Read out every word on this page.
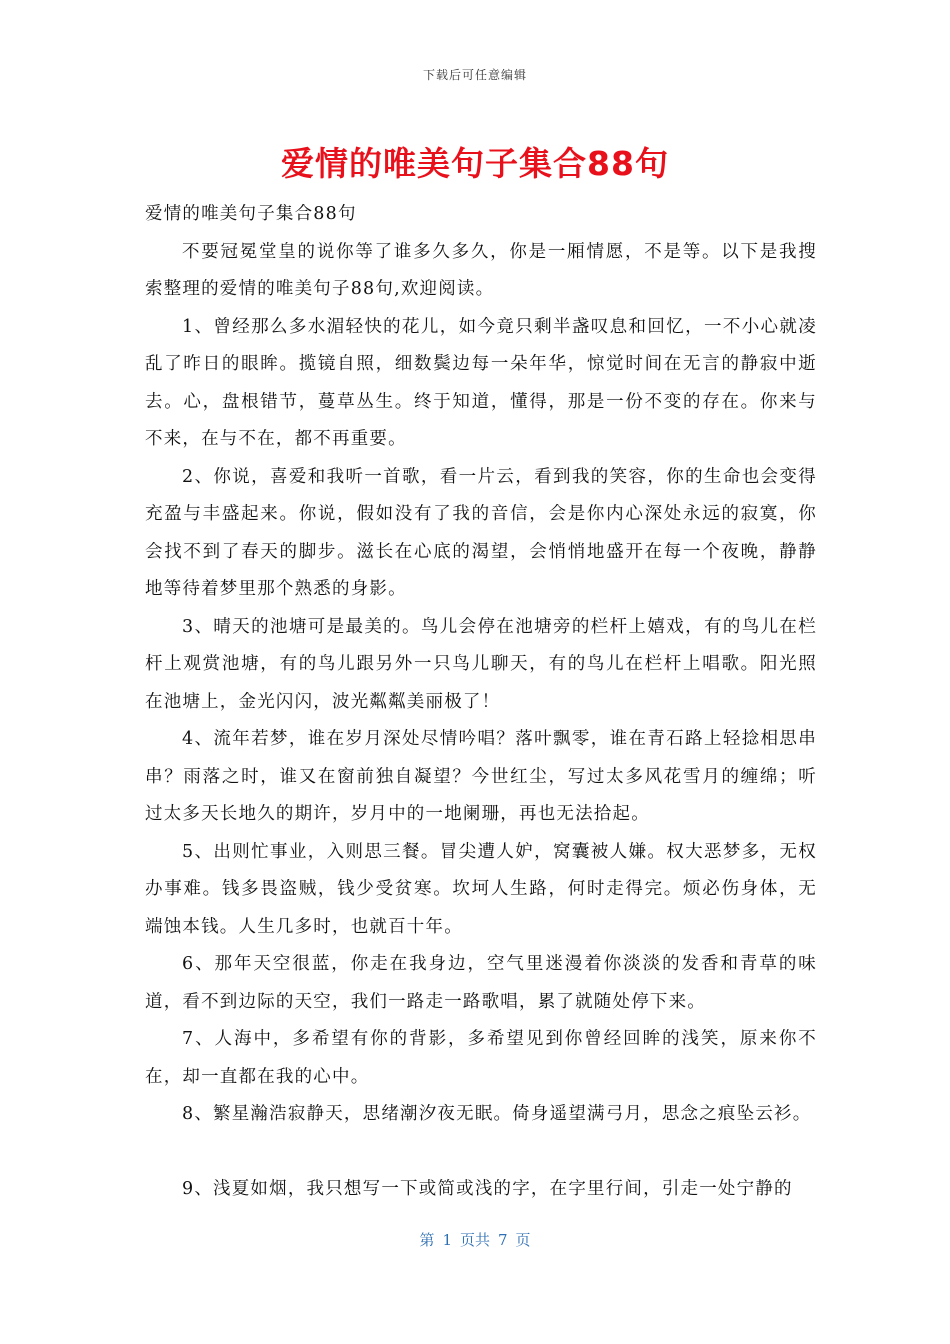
下载后可任意编辑
爱情的唯美句子集合88句

爱情的唯美句子集合88句

不要冠冕堂皇的说你等了谁多久多久，你是一厢情愿，不是等。以下是我搜索整理的爱情的唯美句子88句,欢迎阅读。

1、曾经那么多水湄轻快的花儿，如今竟只剩半盏叹息和回忆，一不小心就凌乱了昨日的眼眸。揽镜自照，细数鬓边每一朵年华，惊觉时间在无言的静寂中逝去。心，盘根错节，蔓草丛生。终于知道，懂得，那是一份不变的存在。你来与不来，在与不在，都不再重要。

2、你说，喜爱和我听一首歌，看一片云，看到我的笑容，你的生命也会变得充盈与丰盛起来。你说，假如没有了我的音信，会是你内心深处永远的寂寞，你会找不到了春天的脚步。滋长在心底的渴望，会悄悄地盛开在每一个夜晚，静静地等待着梦里那个熟悉的身影。

3、晴天的池塘可是最美的。鸟儿会停在池塘旁的栏杆上嬉戏，有的鸟儿在栏杆上观赏池塘，有的鸟儿跟另外一只鸟儿聊天，有的鸟儿在栏杆上唱歌。阳光照在池塘上，金光闪闪，波光粼粼美丽极了！

4、流年若梦，谁在岁月深处尽情吟唱？落叶飘零，谁在青石路上轻捻相思串串？雨落之时，谁又在窗前独自凝望？今世红尘，写过太多风花雪月的缠绵；听过太多天长地久的期许，岁月中的一地阑珊，再也无法拾起。

5、出则忙事业，入则思三餐。冒尖遭人妒，窝囊被人嫌。权大恶梦多，无权办事难。钱多畏盗贼，钱少受贫寒。坎坷人生路，何时走得完。烦必伤身体，无端蚀本钱。人生几多时，也就百十年。

6、那年天空很蓝，你走在我身边，空气里迷漫着你淡淡的发香和青草的味道，看不到边际的天空，我们一路走一路歌唱，累了就随处停下来。

7、人海中，多希望有你的背影，多希望见到你曾经回眸的浅笑，原来你不在，却一直都在我的心中。

8、繁星瀚浩寂静天，思绪潮汐夜无眠。倚身遥望满弓月，思念之痕坠云衫。

9、浅夏如烟，我只想写一下或简或浅的字，在字里行间，引走一处宁静的

第 1 页共 7 页
